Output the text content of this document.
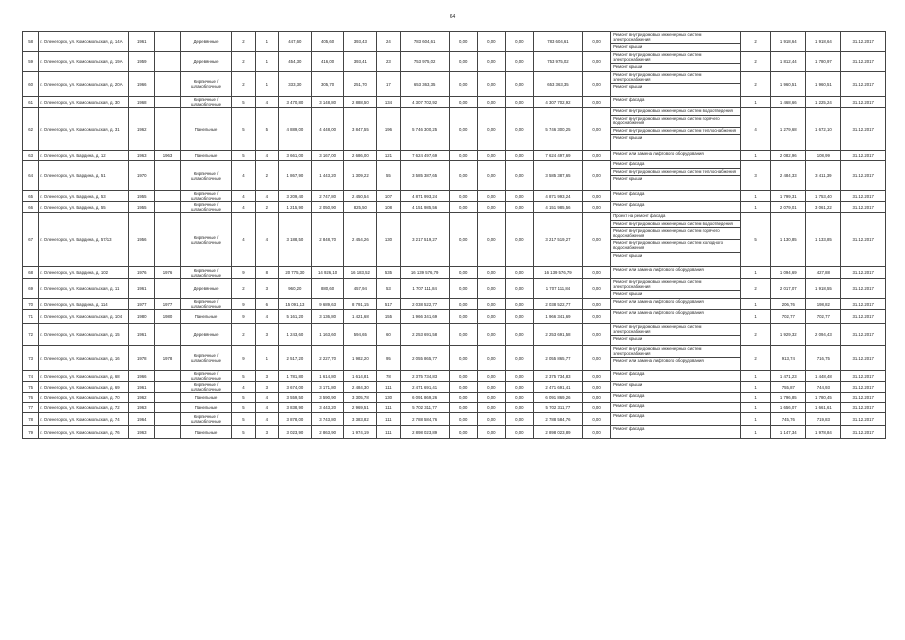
64
58	г. Оленегорск, ул. Комсомольская, д. 14А	1961		Деревянные	2	1	447,60	405,60	393,43	24	783 604,61	0,00	0,00	0,00	783 604,61	0,00	Ремонт внутридомовых инженерных систем электроснабжения
Ремонт крыши	2	1 918,64	1 918,64	31.12.2017
59	г. Оленегорск, ул. Комсомольская, д. 19А	1959		Деревянные	2	1	454,30	416,00	393,41	23	753 975,02	0,00	0,00	0,00	753 975,02	0,00	Ремонт внутридомовых инженерных систем электроснабжения
Ремонт крыши	2	1 812,44	1 780,97	31.12.2017
60	г. Оленегорск, ул. Комсомольская, д. 20А	1966		Кирпичные / шлакоблочные	2	1	333,30	305,70	251,70	17	653 363,35	0,00	0,00	0,00	653 363,35	0,00	Ремонт внутридомовых инженерных систем электроснабжения
Ремонт крыши	2	1 960,51	1 960,51	31.12.2017
61	г. Оленегорск, ул. Комсомольская, д. 30	1968		Кирпичные / шлакоблочные	5	4	3 470,80	3 148,80	2 888,50	134	4 307 702,92	0,00	0,00	0,00	4 307 702,92	0,00	Ремонт фасада	1	1 468,66	1 225,24	31.12.2017
62	г. Оленегорск, ул. Комсомольская, д. 31	1962		Панельные	5	5	4 889,00	4 448,00	3 847,55	196	5 746 300,25	0,00	0,00	0,00	5 746 300,25	0,00	Ремонт внутридомовых инженерных систем водоотведения
Ремонт внутридомовых инженерных систем горячего водоснабжения
Ремонт внутридомовых инженерных систем теплоснабжения
Ремонт крыши	4	1 279,68	1 672,10	31.12.2017
63	г. Оленегорск, ул. Бардина, д. 12	1963	1963	Панельные	5	4	3 661,00	3 167,00	2 686,00	121	7 624 497,69	0,00	0,00	0,00	7 624 497,69	0,00	Ремонт или замена лифтового оборудования	1	2 082,96	108,99	31.12.2017
64	г. Оленегорск, ул. Бардина, д. 51	1970		Кирпичные / шлакоблочные	4	2	1 867,90	1 443,20	1 309,22	55	3 585 387,65	0,00	0,00	0,00	3 585 387,65	0,00	Ремонт фасада
Ремонт внутридомовых инженерных систем теплоснабжения
Ремонт крыши	3	2 484,33	3 411,39	31.12.2017
65	г. Оленегорск, ул. Бардина, д. 53	1955		Кирпичные / шлакоблочные	4	4	3 209,40	2 747,80	2 450,54	107	4 871 993,24	0,00	0,00	0,00	4 871 993,24	0,00	Ремонт фасада	1	1 799,31	1 753,40	31.12.2017
66	г. Оленегорск, ул. Бардина, д. 55	1955		Кирпичные / шлакоблочные	4	2	1 215,90	2 050,90	825,50	108	4 151 985,56	0,00	0,00	0,00	4 151 985,56	0,00	Ремонт фасада	1	2 079,01	3 061,22	31.12.2017
67	г. Оленегорск, ул. Бардина, д. 57/13	1956		Кирпичные / шлакоблочные	4	4	3 188,50	2 848,70	2 454,26	130	3 217 519,27	0,00	0,00	0,00	3 217 519,27	0,00	Проект на ремонт фасада
Ремонт внутридомовых инженерных систем водоотведения
Ремонт внутридомовых инженерных систем горячего водоснабжения
Ремонт внутридомовых инженерных систем холодного водоснабжения
Ремонт крыши	5	1 130,85	1 133,85	31.12.2017
68	г. Оленегорск, ул. Бардина, д. 102	1976	1976	Кирпичные / шлакоблочные	9	8	20 775,30	14 926,10	16 183,52	535	16 139 576,79	0,00	0,00	0,00	16 139 576,79	0,00	Ремонт или замена лифтового оборудования	1	1 094,69	427,88	31.12.2017
69	г. Оленегорск, ул. Комсомольская, д. 11	1961		Деревянные	2	3	960,20	880,60	457,94	53	1 707 111,84	0,00	0,00	0,00	1 707 111,84	0,00	Ремонт внутридомовых инженерных систем электроснабжения
Ремонт крыши	2	2 017,07	1 918,55	31.12.2017
70	г. Оленегорск, ул. Бардина, д. 114	1977	1977	Кирпичные / шлакоблочные	9	6	15 091,13	9 689,63	8 791,15	517	2 038 522,77	0,00	0,00	0,00	2 038 522,77	0,00	Ремонт или замена лифтового оборудования	1	206,76	198,82	31.12.2017
71	г. Оленегорск, ул. Комсомольская, д. 104	1980	1980	Панельные	9	4	5 161,20	3 136,80	1 421,68	155	1 966 341,69	0,00	0,00	0,00	1 966 341,69	0,00	Ремонт или замена лифтового оборудования	1	702,77	702,77	31.12.2017
72	г. Оленегорск, ул. Комсомольская, д. 15	1961		Деревянные	2	3	1 243,60	1 163,60	594,65	60	2 253 691,58	0,00	0,00	0,00	2 253 691,58	0,00	Ремонт внутридомовых инженерных систем электроснабжения
Ремонт крыши	2	1 929,32	2 094,43	31.12.2017
73	г. Оленегорск, ул. Комсомольская, д. 16	1978	1978	Кирпичные / шлакоблочные	9	1	2 517,20	2 227,70	1 982,20	95	2 055 865,77	0,00	0,00	0,00	2 055 865,77	0,00	Ремонт внутридомовых инженерных систем электроснабжения
Ремонт или замена лифтового оборудования	2	913,74	716,75	31.12.2017
74	г. Оленегорск, ул. Комсомольская, д. 68	1966		Кирпичные / шлакоблочные	5	3	1 781,80	1 614,80	1 614,81	78	2 375 734,83	0,00	0,00	0,00	2 375 734,83	0,00	Ремонт фасада	1	1 471,23	1 448,48	31.12.2017
75	г. Оленегорск, ул. Комсомольская, д. 69	1961		Кирпичные / шлакоблочные	4	3	3 674,00	3 171,80	2 484,30	111	2 471 691,41	0,00	0,00	0,00	2 471 691,41	0,00	Ремонт крыши	1	755,87	744,93	31.12.2017
76	г. Оленегорск, ул. Комсомольская, д. 70	1962		Панельные	5	4	3 559,50	3 590,90	3 305,78	130	6 091 869,26	0,00	0,00	0,00	6 091 869,26	0,00	Ремонт фасада	1	1 796,85	1 780,45	31.12.2017
77	г. Оленегорск, ул. Комсомольская, д. 72	1963		Панельные	5	4	3 838,90	3 443,20	2 969,51	111	5 702 311,77	0,00	0,00	0,00	5 702 311,77	0,00	Ремонт фасада	1	1 656,07	1 661,61	31.12.2017
78	г. Оленегорск, ул. Комсомольская, д. 74	1964		Кирпичные / шлакоблочные	5	4	3 878,00	3 743,80	3 383,82	111	2 788 584,76	0,00	0,00	0,00	2 788 584,76	0,00	Ремонт фасада	1	745,76	719,83	31.12.2017
79	г. Оленегорск, ул. Комсомольская, д. 76	1963		Панельные	5	3	3 023,90	2 863,90	1 974,19	111	2 898 023,89	0,00	0,00	0,00	2 898 023,89	0,00	Ремонт фасада	1	1 147,34	1 978,84	31.12.2017
